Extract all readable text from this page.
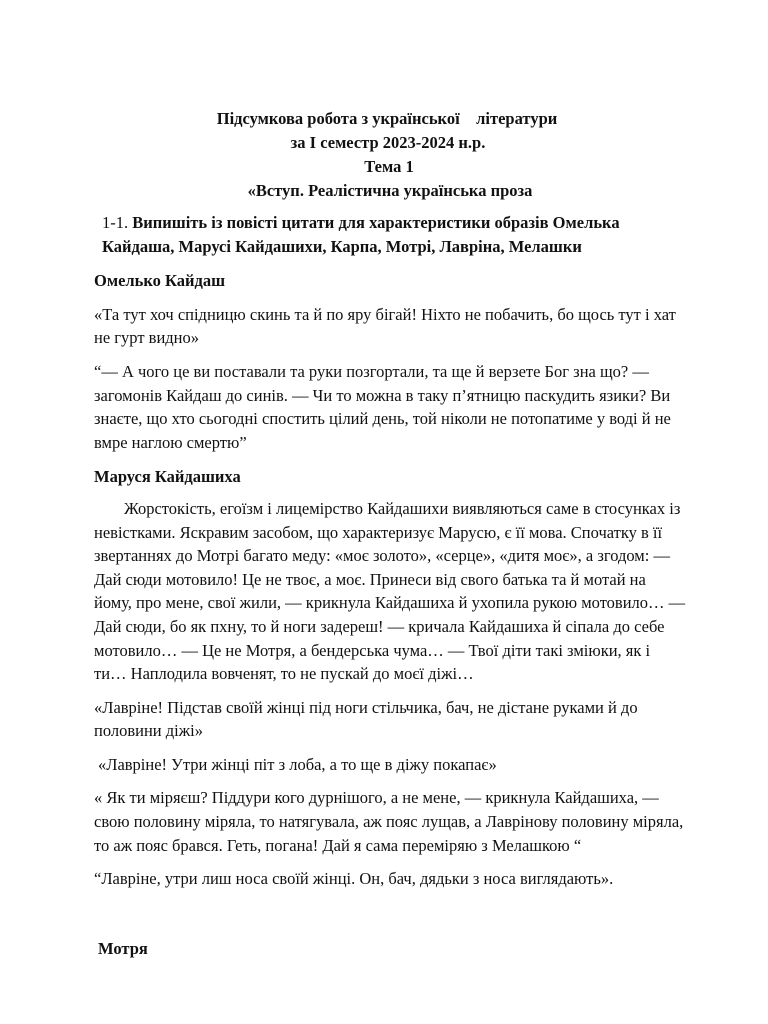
Підсумкова робота з української    літератури
за І семестр 2023-2024 н.р.
Тема 1
«Вступ. Реалістична українська проза

1-1. Випишіть із повісті цитати для характеристики образів Омелька Кайдаша, Марусі Кайдашихи, Карпа, Мотрі, Лавріна, Мелашки

Омелько Кайдаш

«Та тут хоч спідницю скинь та й по яру бігай! Ніхто не побачить, бо щось тут і хат не гурт видно»

“— А чого це ви поставали та руки позгортали, та ще й верзете Бог зна що? — загомонів Кайдаш до синів. — Чи то можна в таку п’ятницю паскудить язики? Ви знаєте, що хто сьогодні спостить цілий день, той ніколи не потопатиме у воді й не вмре наглою смертю”

Маруся Кайдашиха

Жорстокість, егоїзм і лицемірство Кайдашихи виявляються саме в стосунках із невістками. Яскравим засобом, що характеризує Марусю, є її мова. Спочатку в її звертаннях до Мотрі багато меду: «моє золото», «серце», «дитя моє», а згодом: — Дай сюди мотовило! Це не твоє, а моє. Принеси від свого батька та й мотай на йому, про мене, свої жили, — крикнула Кайдашиха й ухопила рукою мотовило… — Дай сюди, бо як пхну, то й ноги задереш! — кричала Кайдашиха й сіпала до себе мотовило… — Це не Мотря, а бендерська чума… — Твої діти такі зміюки, як і ти… Наплодила вовченят, то не пускай до моєї діжі…

«Лавріне! Підстав своїй жінці під ноги стільчика, бач, не дістане руками й до половини діжі»

«Лавріне! Утри жінці піт з лоба, а то ще в діжу покапає»

« Як ти міряєш? Піддури кого дурнішого, а не мене, — крикнула Кайдашиха, — свою половину міряла, то натягувала, аж пояс лущав, а Лаврінову половину міряла, то аж пояс брався. Геть, погана! Дай я сама переміряю з Мелашкою “

“Лавріне, утри лиш носа своїй жінці. Он, бач, дядьки з носа виглядають».

Мотря
